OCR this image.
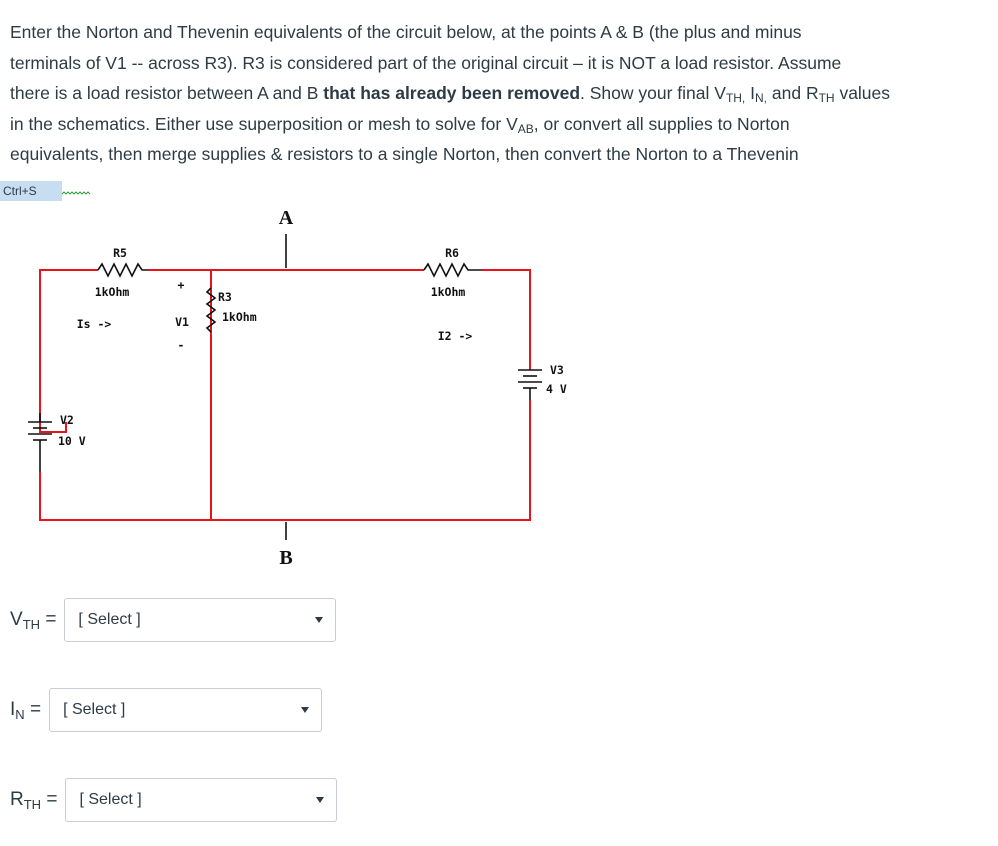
Enter the Norton and Thevenin equivalents of the circuit below, at the points A & B (the plus and minus
terminals of V1 -- across R3). R3 is considered part of the original circuit – it is NOT a load resistor. Assume
there is a load resistor between A and B that has already been removed. Show your final $V_{TH,}$ $I_{N,}$ and $R_{TH}$ values
in the schematics. Either use superposition or mesh to solve for $V_{AB}$, or convert all supplies to Norton
equivalents, then merge supplies & resistors to a single Norton, then convert the Norton to a Thevenin
Ctrl+S
A
R5
1kOhm
Is ->
R6
1kOhm
I2 ->
R3
1kOhm
+
V1
-
V2
10 V
V3
4 V
B
$V_{TH}$ = [ Select ]
$I_N$ = [ Select ]
$R_{TH}$ = [ Select ]
